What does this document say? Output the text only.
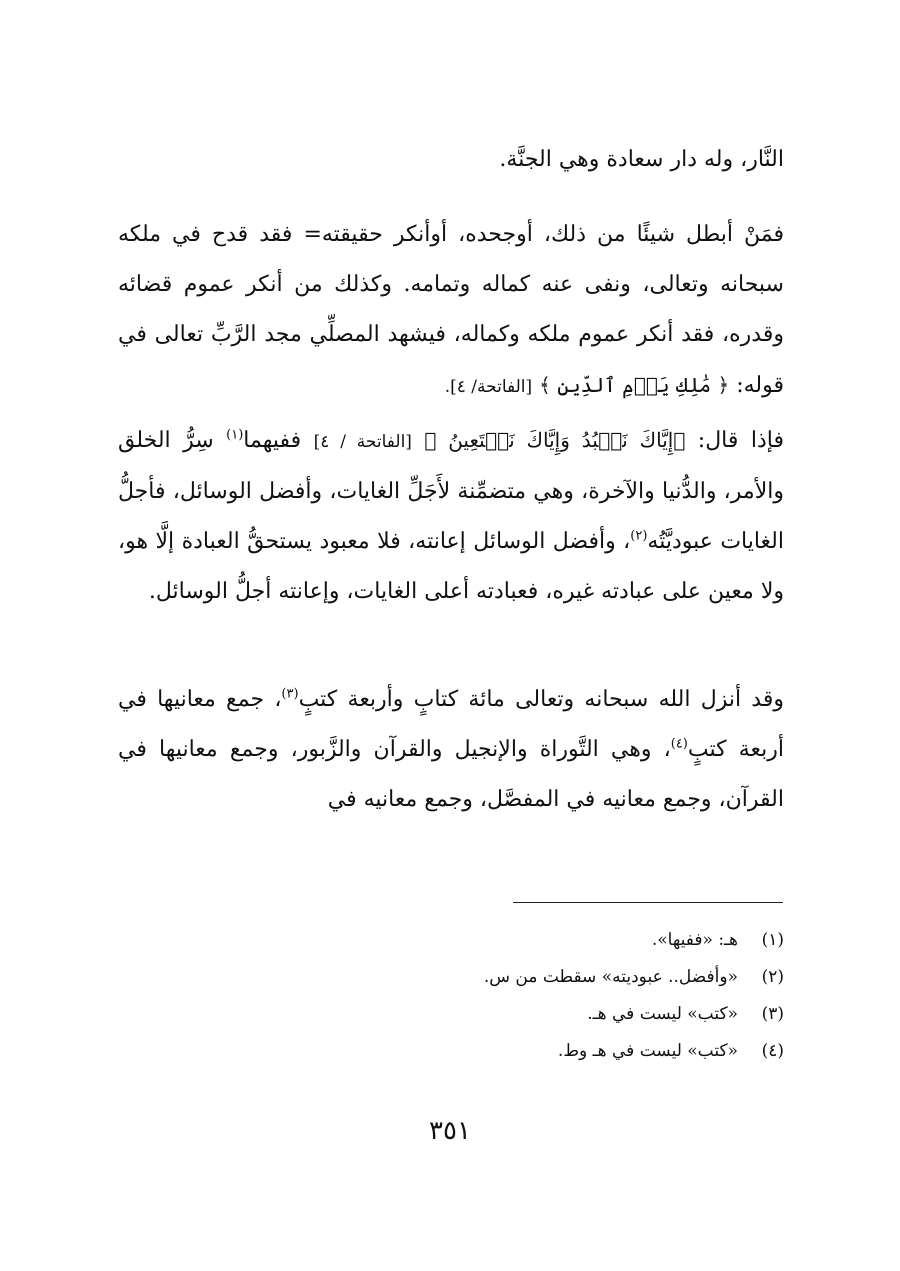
النَّار، وله دار سعادة وهي الجنَّة.

فمَنْ أبطل شيئًا من ذلك، أوجحده، أوأنكر حقيقته= فقد قدح في ملكه سبحانه وتعالى، ونفى عنه كماله وتمامه. وكذلك من أنكر عموم قضائه وقدره، فقد أنكر عموم ملكه وكماله، فيشهد المصلِّي مجد الرَّبِّ تعالى في قوله: ﴿ مَٰلِكِ يَوۡمِ ٱلدِّينِ ﴾ [الفاتحة/ ٤].

فإذا قال: ﴿إِيَّاكَ نَعۡبُدُ وَإِيَّاكَ نَسۡتَعِينُ ﴾ [الفاتحة / ٤] ففيهما$^{(١)}$ سِرُّ الخلق والأمر، والدُّنيا والآخرة، وهي متضمِّنة لأَجَلِّ الغايات، وأفضل الوسائل، فأجلُّ الغايات عبوديَّتُه$^{(٢)}$، وأفضل الوسائل إعانته، فلا معبود يستحقُّ العبادة إلَّا هو، ولا معين على عبادته غيره، فعبادته أعلى الغايات، وإعانته أجلُّ الوسائل.

وقد أنزل الله سبحانه وتعالى مائة كتابٍ وأربعة كتبٍ$^{(٣)}$، جمع معانيها في أربعة كتبٍ$^{(٤)}$، وهي التَّوراة والإنجيل والقرآن والزَّبور، وجمع معانيها في القرآن، وجمع معانيه في المفصَّل، وجمع معانيه في

(١)هـ: «ففيها».
(٢)«وأفضل.. عبوديته» سقطت من س.
(٣)«كتب» ليست في هـ.
(٤)«كتب» ليست في هـ وط.
٣٥١
